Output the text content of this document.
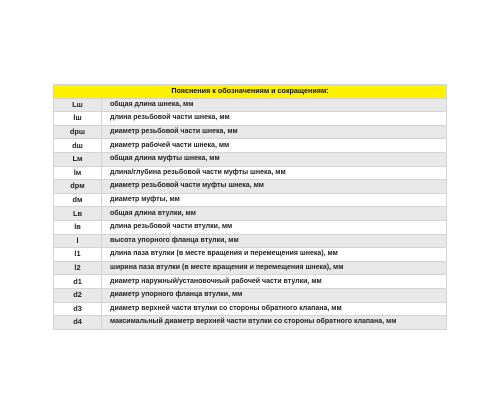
Пояснения к обозначениям и сокращениям:	
Lш	общая длина шнека, мм
lш	длина резьбовой части шнека, мм
dрш	диаметр резьбовой части шнека, мм
dш	диаметр рабочей части шнека, мм
Lм	общая длина муфты шнека, мм
lм	длина/глубина резьбовой части муфты шнека, мм
dрм	диаметр резьбовой части муфты шнека, мм
dм	диаметр муфты, мм
Lв	общая длина втулки, мм
lв	длина резьбовой части втулки, мм
l	высота упорного фланца втулки, мм
l1	длина паза втулки (в месте вращения и перемещения шнека), мм
l2	ширина паза втулки (в месте вращения и перемещения шнека), мм
d1	диаметр наружный/установочный рабочей части втулки, мм
d2	диаметр упорного фланца втулки, мм
d3	диаметр верхней части втулки со стороны обратного клапана, мм
d4	максимальный диаметр верхней части втулки со стороны обратного клапана, мм
